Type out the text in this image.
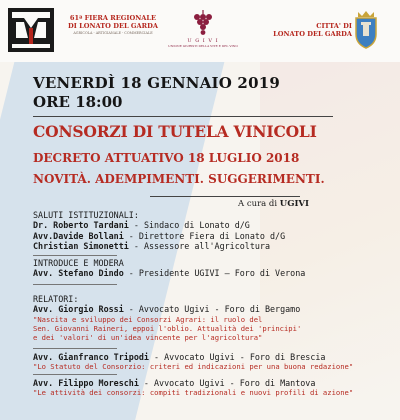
61ª FIERA REGIONALE
DI LONATO DEL GARDA
AGRICOLA - ARTIGIANALE - COMMERCIALE
U G I V I
UNIONE GIURISTI DELLA VITE E DEL VINO
CITTA' DI
LONATO DEL GARDA
VENERDÌ 18 GENNAIO 2019
ORE 18:00
CONSORZI DI TUTELA VINICOLI
DECRETO ATTUATIVO 18 LUGLIO 2018
NOVITÀ. ADEMPIMENTI. SUGGERIMENTI.
A cura di UGIVI
SALUTI ISTITUZIONALI:
Dr. Roberto Tardani - Sindaco di Lonato d/G
Avv.Davide Bollani - Direttore Fiera di Lonato d/G
Christian Simonetti - Assessore all'Agricoltura
INTRODUCE E MODERA
Avv. Stefano Dindo - Presidente UGIVI – Foro di Verona
RELATORI:
Avv. Giorgio Rossi - Avvocato Ugivi - Foro di Bergamo
"Nascita e sviluppo dei Consorzi Agrari: il ruolo del
Sen. Giovanni Raineri, eppoi l'oblio. Attualità dei 'principi'
e dei 'valori' di un'idea vincente per l'agricoltura"
Avv. Gianfranco Tripodi - Avvocato Ugivi - Foro di Brescia
"Lo Statuto del Consorzio: criteri ed indicazioni per una buona redazione"
Avv. Filippo Moreschi - Avvocato Ugivi - Foro di Mantova
"Le attività dei consorzi: compiti tradizionali e nuovi profili di azione"
